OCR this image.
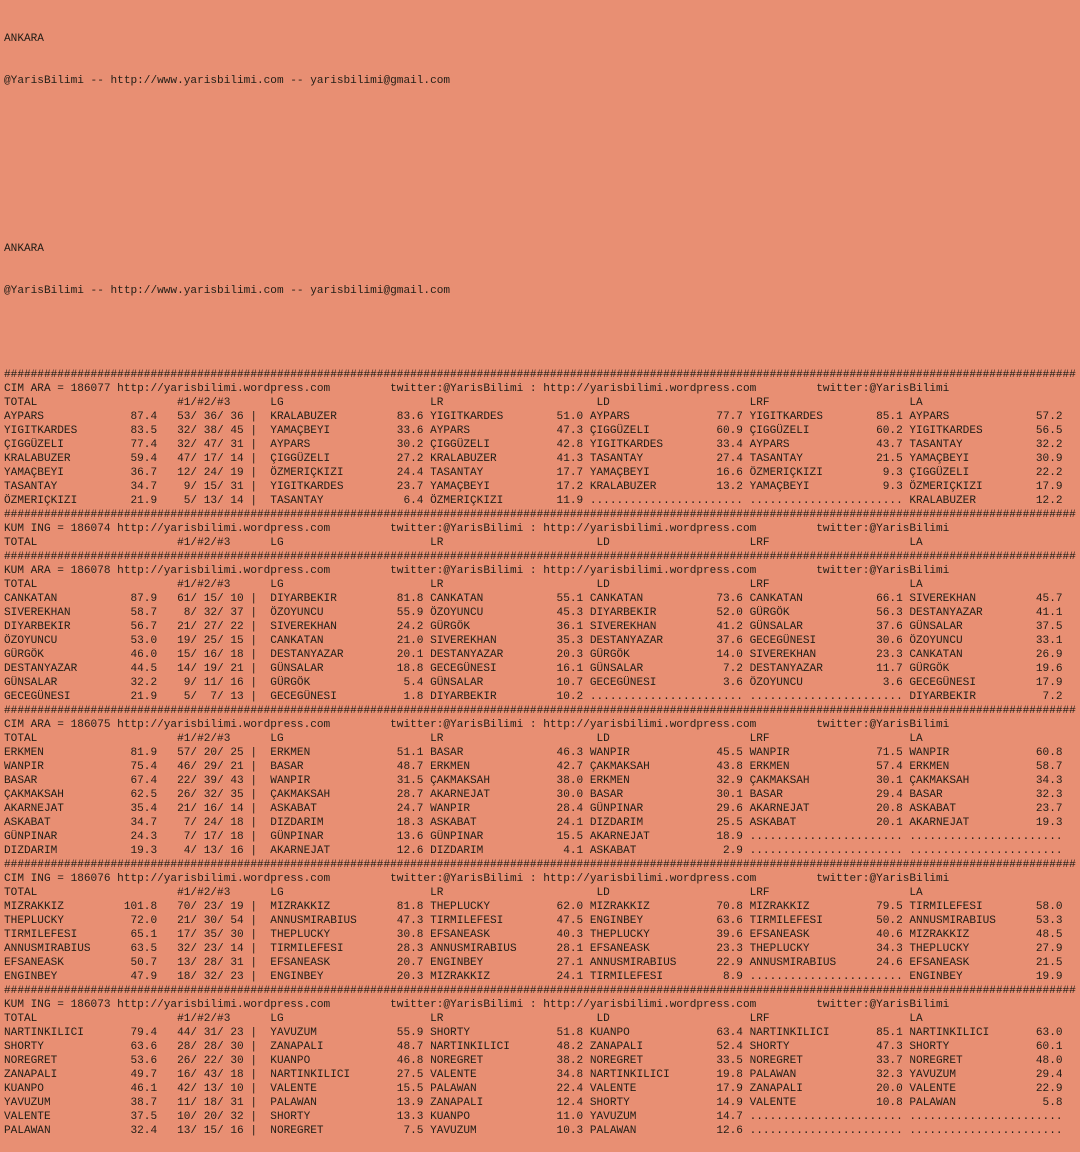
ANKARA

@YarisBilimi -- http://www.yarisbilimi.com -- yarisbilimi@gmail.com

ANKARA

@YarisBilimi -- http://www.yarisbilimi.com -- yarisbilimi@gmail.com

#################################################################################################################################################################
CIM ARA = 186077 http://yarisbilimi.wordpress.com         twitter:@YarisBilimi : http://yarisbilimi.wordpress.com         twitter:@YarisBilimi
TOTAL                     #1/#2/#3      LG                      LR                       LD                     LRF                     LA
AYPARS             87.4   53/ 36/ 36 |  KRALABUZER         83.6 YIGITKARDES        51.0 AYPARS             77.7 YIGITKARDES        85.1 AYPARS             57.2
YIGITKARDES        83.5   32/ 38/ 45 |  YAMAÇBEYI          33.6 AYPARS             47.3 ÇIGGÜZELI          60.9 ÇIGGÜZELI          60.2 YIGITKARDES        56.5
ÇIGGÜZELI          77.4   32/ 47/ 31 |  AYPARS             30.2 ÇIGGÜZELI          42.8 YIGITKARDES        33.4 AYPARS             43.7 TASANTAY           32.2
KRALABUZER         59.4   47/ 17/ 14 |  ÇIGGÜZELI          27.2 KRALABUZER         41.3 TASANTAY           27.4 TASANTAY           21.5 YAMAÇBEYI          30.9
YAMAÇBEYI          36.7   12/ 24/ 19 |  ÖZMERIÇKIZI        24.4 TASANTAY           17.7 YAMAÇBEYI          16.6 ÖZMERIÇKIZI         9.3 ÇIGGÜZELI          22.2
TASANTAY           34.7    9/ 15/ 31 |  YIGITKARDES        23.7 YAMAÇBEYI          17.2 KRALABUZER         13.2 YAMAÇBEYI           9.3 ÖZMERIÇKIZI        17.9
ÖZMERIÇKIZI        21.9    5/ 13/ 14 |  TASANTAY            6.4 ÖZMERIÇKIZI        11.9 ....................... ....................... KRALABUZER         12.2
#################################################################################################################################################################
KUM ING = 186074 http://yarisbilimi.wordpress.com         twitter:@YarisBilimi : http://yarisbilimi.wordpress.com         twitter:@YarisBilimi
TOTAL                     #1/#2/#3      LG                      LR                       LD                     LRF                     LA
#################################################################################################################################################################
KUM ARA = 186078 http://yarisbilimi.wordpress.com         twitter:@YarisBilimi : http://yarisbilimi.wordpress.com         twitter:@YarisBilimi
TOTAL                     #1/#2/#3      LG                      LR                       LD                     LRF                     LA
CANKATAN           87.9   61/ 15/ 10 |  DIYARBEKIR         81.8 CANKATAN           55.1 CANKATAN           73.6 CANKATAN           66.1 SIVEREKHAN         45.7
SIVEREKHAN         58.7    8/ 32/ 37 |  ÖZOYUNCU           55.9 ÖZOYUNCU           45.3 DIYARBEKIR         52.0 GÜRGÖK             56.3 DESTANYAZAR        41.1
DIYARBEKIR         56.7   21/ 27/ 22 |  SIVEREKHAN         24.2 GÜRGÖK             36.1 SIVEREKHAN         41.2 GÜNSALAR           37.6 GÜNSALAR           37.5
ÖZOYUNCU           53.0   19/ 25/ 15 |  CANKATAN           21.0 SIVEREKHAN         35.3 DESTANYAZAR        37.6 GECEGÜNESI         30.6 ÖZOYUNCU           33.1
GÜRGÖK             46.0   15/ 16/ 18 |  DESTANYAZAR        20.1 DESTANYAZAR        20.3 GÜRGÖK             14.0 SIVEREKHAN         23.3 CANKATAN           26.9
DESTANYAZAR        44.5   14/ 19/ 21 |  GÜNSALAR           18.8 GECEGÜNESI         16.1 GÜNSALAR            7.2 DESTANYAZAR        11.7 GÜRGÖK             19.6
GÜNSALAR           32.2    9/ 11/ 16 |  GÜRGÖK              5.4 GÜNSALAR           10.7 GECEGÜNESI          3.6 ÖZOYUNCU            3.6 GECEGÜNESI         17.9
GECEGÜNESI         21.9    5/  7/ 13 |  GECEGÜNESI          1.8 DIYARBEKIR         10.2 ....................... ....................... DIYARBEKIR          7.2
#################################################################################################################################################################
CIM ARA = 186075 http://yarisbilimi.wordpress.com         twitter:@YarisBilimi : http://yarisbilimi.wordpress.com         twitter:@YarisBilimi
TOTAL                     #1/#2/#3      LG                      LR                       LD                     LRF                     LA
ERKMEN             81.9   57/ 20/ 25 |  ERKMEN             51.1 BASAR              46.3 WANPIR             45.5 WANPIR             71.5 WANPIR             60.8
WANPIR             75.4   46/ 29/ 21 |  BASAR              48.7 ERKMEN             42.7 ÇAKMAKSAH          43.8 ERKMEN             57.4 ERKMEN             58.7
BASAR              67.4   22/ 39/ 43 |  WANPIR             31.5 ÇAKMAKSAH          38.0 ERKMEN             32.9 ÇAKMAKSAH          30.1 ÇAKMAKSAH          34.3
ÇAKMAKSAH          62.5   26/ 32/ 35 |  ÇAKMAKSAH          28.7 AKARNEJAT          30.0 BASAR              30.1 BASAR              29.4 BASAR              32.3
AKARNEJAT          35.4   21/ 16/ 14 |  ASKABAT            24.7 WANPIR             28.4 GÜNPINAR           29.6 AKARNEJAT          20.8 ASKABAT            23.7
ASKABAT            34.7    7/ 24/ 18 |  DIZDARIM           18.3 ASKABAT            24.1 DIZDARIM           25.5 ASKABAT            20.1 AKARNEJAT          19.3
GÜNPINAR           24.3    7/ 17/ 18 |  GÜNPINAR           13.6 GÜNPINAR           15.5 AKARNEJAT          18.9 ....................... .......................
DIZDARIM           19.3    4/ 13/ 16 |  AKARNEJAT          12.6 DIZDARIM            4.1 ASKABAT             2.9 ....................... .......................
#################################################################################################################################################################
CIM ING = 186076 http://yarisbilimi.wordpress.com         twitter:@YarisBilimi : http://yarisbilimi.wordpress.com         twitter:@YarisBilimi
TOTAL                     #1/#2/#3      LG                      LR                       LD                     LRF                     LA
MIZRAKKIZ         101.8   70/ 23/ 19 |  MIZRAKKIZ          81.8 THEPLUCKY          62.0 MIZRAKKIZ          70.8 MIZRAKKIZ          79.5 TIRMILEFESI        58.0
THEPLUCKY          72.0   21/ 30/ 54 |  ANNUSMIRABIUS      47.3 TIRMILEFESI        47.5 ENGINBEY           63.6 TIRMILEFESI        50.2 ANNUSMIRABIUS      53.3
TIRMILEFESI        65.1   17/ 35/ 30 |  THEPLUCKY          30.8 EFSANEASK          40.3 THEPLUCKY          39.6 EFSANEASK          40.6 MIZRAKKIZ          48.5
ANNUSMIRABIUS      63.5   32/ 23/ 14 |  TIRMILEFESI        28.3 ANNUSMIRABIUS      28.1 EFSANEASK          23.3 THEPLUCKY          34.3 THEPLUCKY          27.9
EFSANEASK          50.7   13/ 28/ 31 |  EFSANEASK          20.7 ENGINBEY           27.1 ANNUSMIRABIUS      22.9 ANNUSMIRABIUS      24.6 EFSANEASK          21.5
ENGINBEY           47.9   18/ 32/ 23 |  ENGINBEY           20.3 MIZRAKKIZ          24.1 TIRMILEFESI         8.9 ....................... ENGINBEY           19.9
#################################################################################################################################################################
KUM ING = 186073 http://yarisbilimi.wordpress.com         twitter:@YarisBilimi : http://yarisbilimi.wordpress.com         twitter:@YarisBilimi
TOTAL                     #1/#2/#3      LG                      LR                       LD                     LRF                     LA
NARTINKILICI       79.4   44/ 31/ 23 |  YAVUZUM            55.9 SHORTY             51.8 KUANPO             63.4 NARTINKILICI       85.1 NARTINKILICI       63.0
SHORTY             63.6   28/ 28/ 30 |  ZANAPALI           48.7 NARTINKILICI       48.2 ZANAPALI           52.4 SHORTY             47.3 SHORTY             60.1
NOREGRET           53.6   26/ 22/ 30 |  KUANPO             46.8 NOREGRET           38.2 NOREGRET           33.5 NOREGRET           33.7 NOREGRET           48.0
ZANAPALI           49.7   16/ 43/ 18 |  NARTINKILICI       27.5 VALENTE            34.8 NARTINKILICI       19.8 PALAWAN            32.3 YAVUZUM            29.4
KUANPO             46.1   42/ 13/ 10 |  VALENTE            15.5 PALAWAN            22.4 VALENTE            17.9 ZANAPALI           20.0 VALENTE            22.9
YAVUZUM            38.7   11/ 18/ 31 |  PALAWAN            13.9 ZANAPALI           12.4 SHORTY             14.9 VALENTE            10.8 PALAWAN             5.8
VALENTE            37.5   10/ 20/ 32 |  SHORTY             13.3 KUANPO             11.0 YAVUZUM            14.7 ....................... .......................
PALAWAN            32.4   13/ 15/ 16 |  NOREGRET            7.5 YAVUZUM            10.3 PALAWAN            12.6 ....................... .......................
